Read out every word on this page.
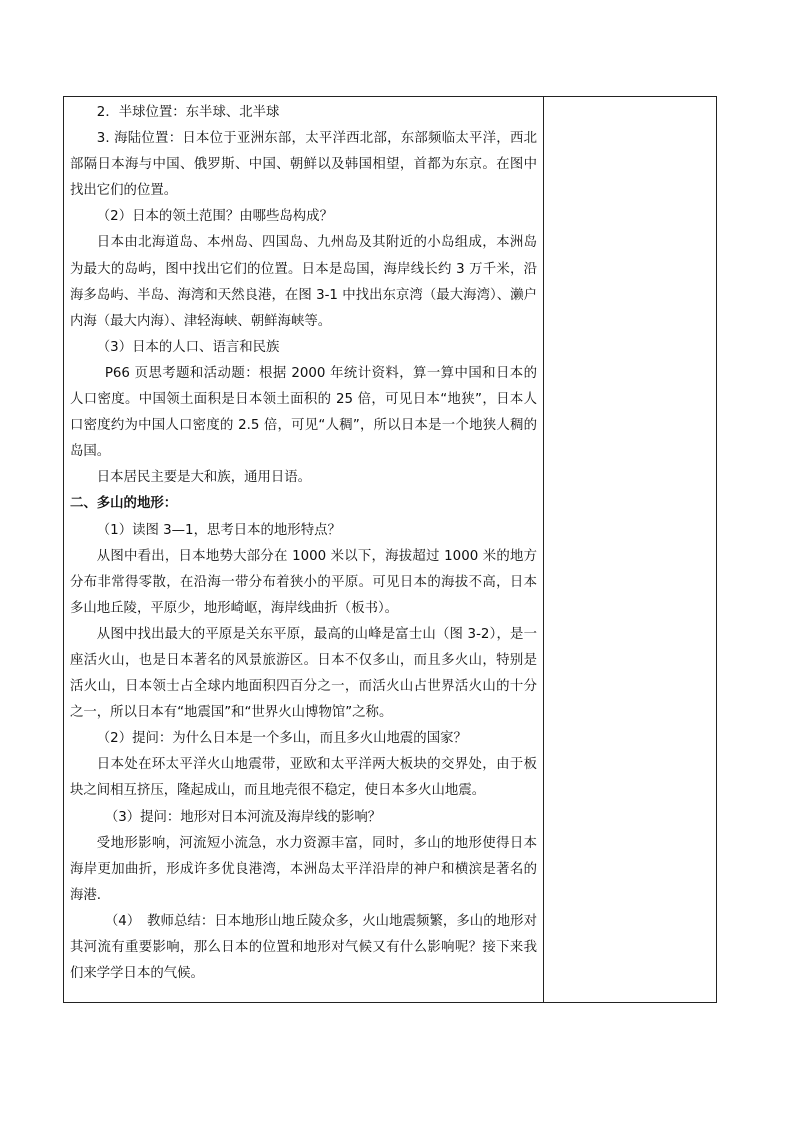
2．半球位置：东半球、北半球

3. 海陆位置：日本位于亚洲东部，太平洋西北部，东部频临太平洋，西北部隔日本海与中国、俄罗斯、中国、朝鲜以及韩国相望，首都为东京。在图中找出它们的位置。

（2）日本的领土范围？由哪些岛构成？

日本由北海道岛、本州岛、四国岛、九州岛及其附近的小岛组成，本洲岛为最大的岛屿，图中找出它们的位置。日本是岛国，海岸线长约 3 万千米，沿海多岛屿、半岛、海湾和天然良港，在图 3-1 中找出东京湾（最大海湾）、濑户内海（最大内海）、津轻海峡、朝鲜海峡等。

（3）日本的人口、语言和民族

P66 页思考题和活动题：根据 2000 年统计资料，算一算中国和日本的人口密度。中国领土面积是日本领土面积的 25 倍，可见日本“地狭”，日本人口密度约为中国人口密度的 2.5 倍，可见“人稠”，所以日本是一个地狭人稠的岛国。

日本居民主要是大和族，通用日语。

二、多山的地形：

（1）读图 3—1，思考日本的地形特点？

从图中看出，日本地势大部分在 1000 米以下，海拔超过 1000 米的地方分布非常得零散，在沿海一带分布着狭小的平原。可见日本的海拔不高，日本多山地丘陵，平原少，地形崎岖，海岸线曲折（板书）。

从图中找出最大的平原是关东平原，最高的山峰是富士山（图 3-2），是一座活火山，也是日本著名的风景旅游区。日本不仅多山，而且多火山，特别是活火山，日本领士占全球内地面积四百分之一，而活火山占世界活火山的十分之一，所以日本有“地震国”和“世界火山博物馆”之称。

（2）提问：为什么日本是一个多山，而且多火山地震的国家？

日本处在环太平洋火山地震带，亚欧和太平洋两大板块的交界处，由于板块之间相互挤压，隆起成山，而且地壳很不稳定，使日本多火山地震。

（3）提问：地形对日本河流及海岸线的影响？

受地形影响，河流短小流急，水力资源丰富，同时，多山的地形使得日本海岸更加曲折，形成许多优良港湾，本洲岛太平洋沿岸的神户和横滨是著名的海港.

（4）　教师总结：日本地形山地丘陵众多，火山地震频繁，多山的地形对其河流有重要影响，那么日本的位置和地形对气候又有什么影响呢？接下来我们来学学日本的气候。
